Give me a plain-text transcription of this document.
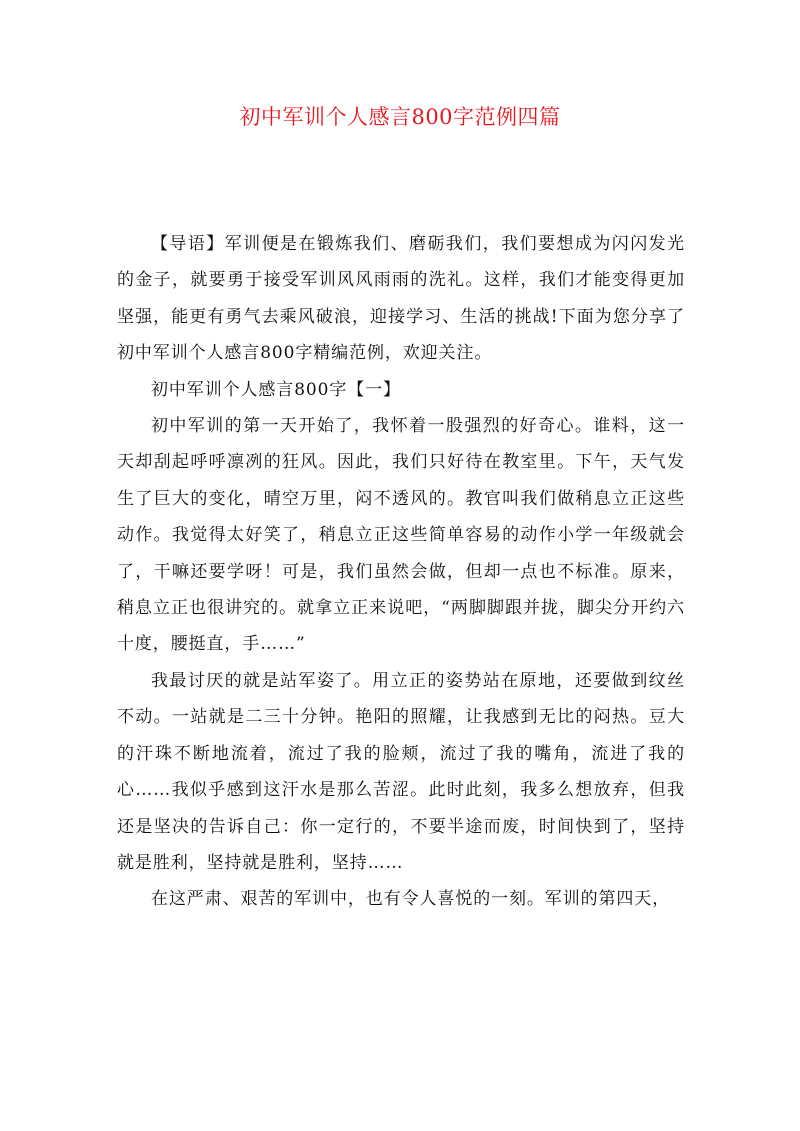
初中军训个人感言800字范例四篇

【导语】军训便是在锻炼我们、磨砺我们，我们要想成为闪闪发光的金子，就要勇于接受军训风风雨雨的洗礼。这样，我们才能变得更加坚强，能更有勇气去乘风破浪，迎接学习、生活的挑战!下面为您分享了初中军训个人感言800字精编范例，欢迎关注。

初中军训个人感言800字【一】

初中军训的第一天开始了，我怀着一股强烈的好奇心。谁料，这一天却刮起呼呼凛冽的狂风。因此，我们只好待在教室里。下午，天气发生了巨大的变化，晴空万里，闷不透风的。教官叫我们做稍息立正这些动作。我觉得太好笑了，稍息立正这些简单容易的动作小学一年级就会了，干嘛还要学呀！可是，我们虽然会做，但却一点也不标准。原来，稍息立正也很讲究的。就拿立正来说吧，“两脚脚跟并拢，脚尖分开约六十度，腰挺直，手……”

我最讨厌的就是站军姿了。用立正的姿势站在原地，还要做到纹丝不动。一站就是二三十分钟。艳阳的照耀，让我感到无比的闷热。豆大的汗珠不断地流着，流过了我的脸颊，流过了我的嘴角，流进了我的心……我似乎感到这汗水是那么苦涩。此时此刻，我多么想放弃，但我还是坚决的告诉自己：你一定行的，不要半途而废，时间快到了，坚持就是胜利，坚持就是胜利，坚持……

在这严肃、艰苦的军训中，也有令人喜悦的一刻。军训的第四天，
